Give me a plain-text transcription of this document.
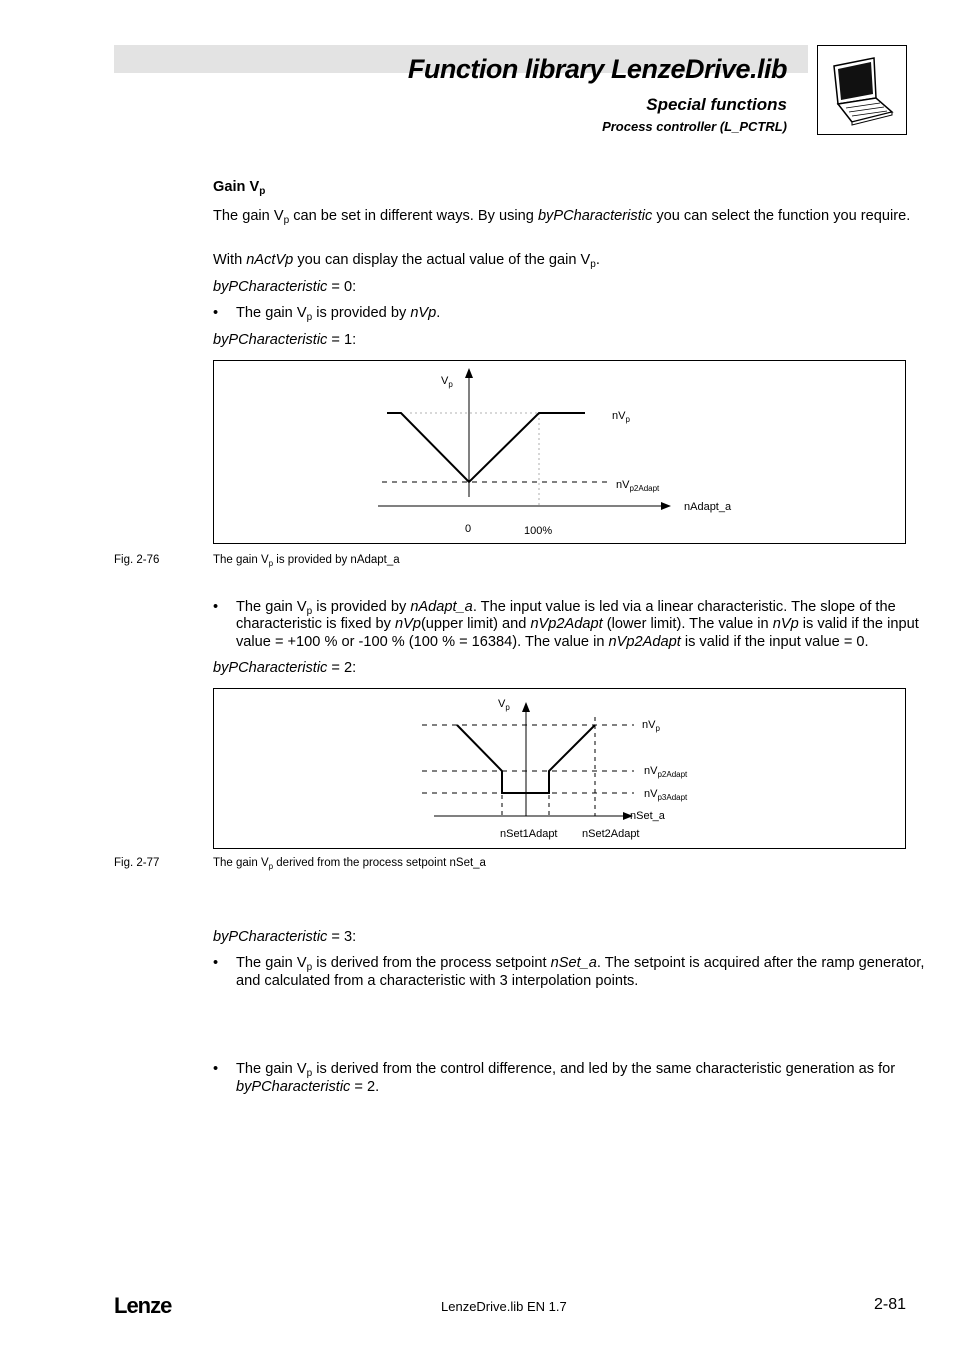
Function library LenzeDrive.lib
Special functions
Process controller (L_PCTRL)
Gain $V_p$

The gain $V_p$ can be set in different ways. By using byPCharacteristic you can select the function you require.

With nActVp you can display the actual value of the gain $V_p$.

byPCharacteristic = 0:
• The gain $V_p$ is provided by nVp.
byPCharacteristic = 1:
$V_p$
$nV_p$
$nV_{p2Adapt}$
nAdapt_a
0	100%
Fig. 2-76	The gain $V_p$ is provided by nAdapt_a
• The gain $V_p$ is provided by nAdapt_a. The input value is led via a linear characteristic. The slope of the characteristic is fixed by nVp(upper limit) and nVp2Adapt (lower limit). The value in nVp is valid if the input value = +100 % or -100 % (100 % = 16384). The value in nVp2Adapt is valid if the input value = 0.
byPCharacteristic = 2:
$V_p$
$nV_p$
$nV_{p2Adapt}$
$nV_{p3Adapt}$
nSet_a
nSet1Adapt nSet2Adapt
Fig. 2-77	The gain $V_p$ derived from the process setpoint nSet_a
• The gain $V_p$ is derived from the process setpoint nSet_a. The setpoint is acquired after the ramp generator, and calculated from a characteristic with 3 interpolation points.
byPCharacteristic = 3:
• The gain $V_p$ is derived from the control difference, and led by the same characteristic generation as for byPCharacteristic = 2.
Lenze	LenzeDrive.lib EN 1.7	2-81
